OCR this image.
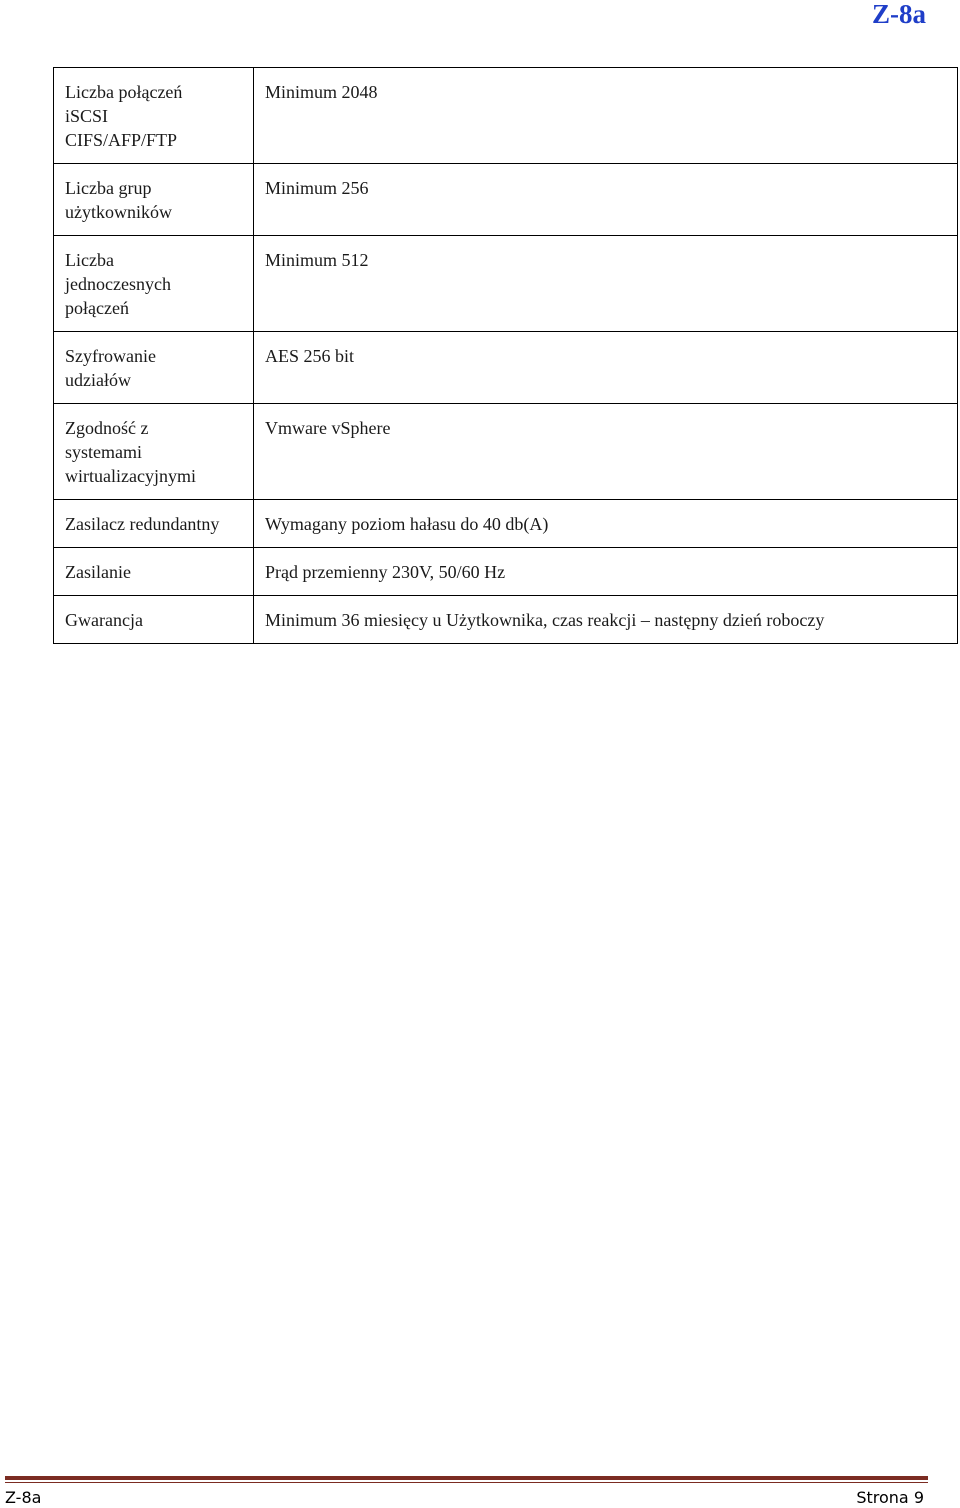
Z-8a
Liczba połączeń
iSCSI
CIFS/AFP/FTP	Minimum 2048

Liczba grup
użytkowników	Minimum 256

Liczba
jednoczesnych
połączeń	Minimum 512

Szyfrowanie
udziałów	AES 256 bit

Zgodność z
systemami
wirtualizacyjnymi	Vmware vSphere

Zasilacz redundantny	Wymagany poziom hałasu do 40 db(A)

Zasilanie	Prąd przemienny 230V, 50/60 Hz

Gwarancja	Minimum 36 miesięcy u Użytkownika, czas reakcji – następny dzień roboczy
Z-8a	Strona 9
